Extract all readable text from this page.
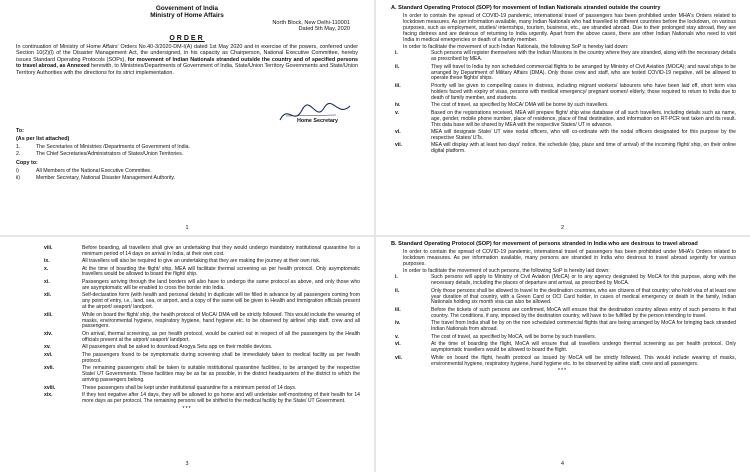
Government of India
Ministry of Home Affairs
North Block, New Delhi-110001
Dated 5th May, 2020
ORDER
In continuation of Ministry of Home Affairs' Orders No.40-3/2020-DM-I(A) dated 1st May 2020 and in exercise of the powers, conferred under Section 10(2)(l) of the Disaster Management Act, the undersigned, in his capacity as Chairperson, National Executive Committee, hereby issues Standard Operating Protocols (SOPs), for movement of Indian Nationals stranded outside the country and of specified persons to travel abroad, as Annexed herewith, to Ministries/Departments of Government of India, State/Union Territory Governments and State/Union Territory Authorities with the directions for its strict implementation.
Home Secretary
To:
(As per list attached)
1.	The Secretaries of Ministries /Departments of Government of India.
2.	The Chief Secretaries/Administrators of States/Union Territories.
Copy to:
i)	All Members of the National Executive Committee.
ii)	Member Secretary, National Disaster Management Authority.
1
A. Standard Operating Protocol (SOP) for movement of Indian Nationals stranded outside the country
In order to contain the spread of COVID-19 pandemic, international travel of passengers has been prohibited under MHA's Orders related to lockdown measures. As per information available, many Indian Nationals who had travelled to different countries before the lockdown, on various purposes, such as employment, studies/ internships, tourism, business, etc., are stranded abroad. Due to their prolonged stay abroad, they are facing distress and are desirous of returning to India urgently. Apart from the above cases, there are other Indian Nationals who need to visit India in medical emergencies or death of a family member.
In order to facilitate the movement of such Indian Nationals, the following SoP is hereby laid down:
i.	Such persons will register themselves with the Indian Missions in the country where they are stranded, along with the necessary details as prescribed by MEA.
ii.	They will travel to India by non scheduled commercial flights to be arranged by Ministry of Civil Aviation (MOCA); and naval ships to be arranged by Department of Military Affairs (DMA). Only those crew and staff, who are tested COVID-19 negative, will be allowed to operate these flights/ ships.
iii.	Priority will be given to compelling cases in distress, including migrant workers/ labourers who have been laid off, short term visa holders faced with expiry of visas, persons with medical emergency/ pregnant women/ elderly, those required to return to India due to death of family member, and students.
iv.	The cost of travel, as specified by MoCA/ DMA will be borne by such travellers.
v.	Based on the registrations received, MEA will prepare flight/ ship wise database of all such travellers, including details such as name, age, gender, mobile phone number, place of residence, place of final destination, and information on RT-PCR test taken and its result. This data base will be shared by MEA with the respective States/ UT in advance.
vi.	MEA will designate State/ UT wise nodal officers, who will co-ordinate with the nodal officers designated for this purpose by the respective States/ UTs.
vii.	MEA will display with at least two days' notice, the schedule (day, place and time of arrival) of the incoming flight/ ship, on their online digital platform.
2
viii.	Before boarding, all travellers shall give an undertaking that they would undergo mandatory institutional quarantine for a minimum period of 14 days on arrival in India, at their own cost.
ix.	All travellers will also be required to give an undertaking that they are making the journey at their own risk.
x.	At the time of boarding the flight/ ship, MEA will facilitate thermal screening as per health protocol. Only asymptomatic travellers would be allowed to board the flight/ ship.
xi.	Passengers arriving through the land borders will also have to undergo the same protocol as above, and only those who are asymptomatic will be enabled to cross the border into India.
xii.	Self-declaration form (with health and personal details) in duplicate will be filled in advance by all passengers coming from any point of entry, i.e., land, sea, or airport, and a copy of the same will be given to Health and Immigration officials present at the airport/ seaport/ landport.
xiii.	While on board the flight/ ship, the health protocol of MoCA/ DMA will be strictly followed. This would include the wearing of masks, environmental hygiene, respiratory hygiene, hand hygiene etc. to be observed by airline/ ship staff, crew and all passengers.
xiv.	On arrival, thermal screening, as per health protocol, would be carried out in respect of all the passengers by the Health officials present at the airport/ seaport/ landport.
xv.	All passengers shall be asked to download Arogya Setu app on their mobile devices.
xvi.	The passengers found to be symptomatic during screening shall be immediately taken to medical facility as per health protocol.
xvii.	The remaining passengers shall be taken to suitable institutional quarantine facilities, to be arranged by the respective State/ UT Governments. These facilities may be as far as possible, in the district headquarters of the district to which the arriving passengers belong.
xviii.	These passengers shall be kept under institutional quarantine for a minimum period of 14 days.
xix.	If they test negative after 14 days, they will be allowed to go home and will undertake self-monitoring of their health for 14 more days as per protocol. The remaining persons will be shifted to the medical facility by the State/ UT Government.
***
3
B. Standard Operating Protocol (SOP) for movement of persons stranded in India who are desirous to travel abroad
In order to contain the spread of COVID-19 pandemic, international travel of passengers has been prohibited under MHA's Orders related to lockdown measures. As per information available, many persons are stranded in India who desirous to travel abroad urgently for various purposes.
In order to facilitate the movement of such persons, the following SoP is hereby laid down:
i.	Such persons will apply to Ministry of Civil Aviation (MoCA) or to any agency designated by MoCA for this purpose, along with the necessary details, including the places of departure and arrival, as prescribed by MoCA.
ii.	Only those persons shall be allowed to travel to the destination countries, who are citizens of that country; who hold visa of at least one year duration of that country, with a Green Card or OCI Card holder, in cases of medical emergency or death in the family, Indian Nationals holding six month visa can also be allowed.
iii.	Before the tickets of such persons are confirmed, MoCA will ensure that the destination country allows entry of such persons in that country. The conditions, if any, imposed by the destination country, will have to be fulfilled by the person intending to travel.
iv.	The travel from India shall be by on the non scheduled commercial flights that are being arranged by MoCA for bringing back stranded Indian Nationals from abroad.
v.	The cost of travel, as specified by MoCA, will be borne by such travellers.
vi.	At the time of boarding the flight, MoCA will ensure that all travellers undergo thermal screening as per health protocol. Only asymptomatic travellers would be allowed to board the flight.
vii.	While on board the flight, health protocol as issued by MoCA will be strictly followed. This would include wearing of masks, environmental hygiene, respiratory hygiene, hand hygiene etc. to be observed by airline staff, crew and all passengers.
***
4
